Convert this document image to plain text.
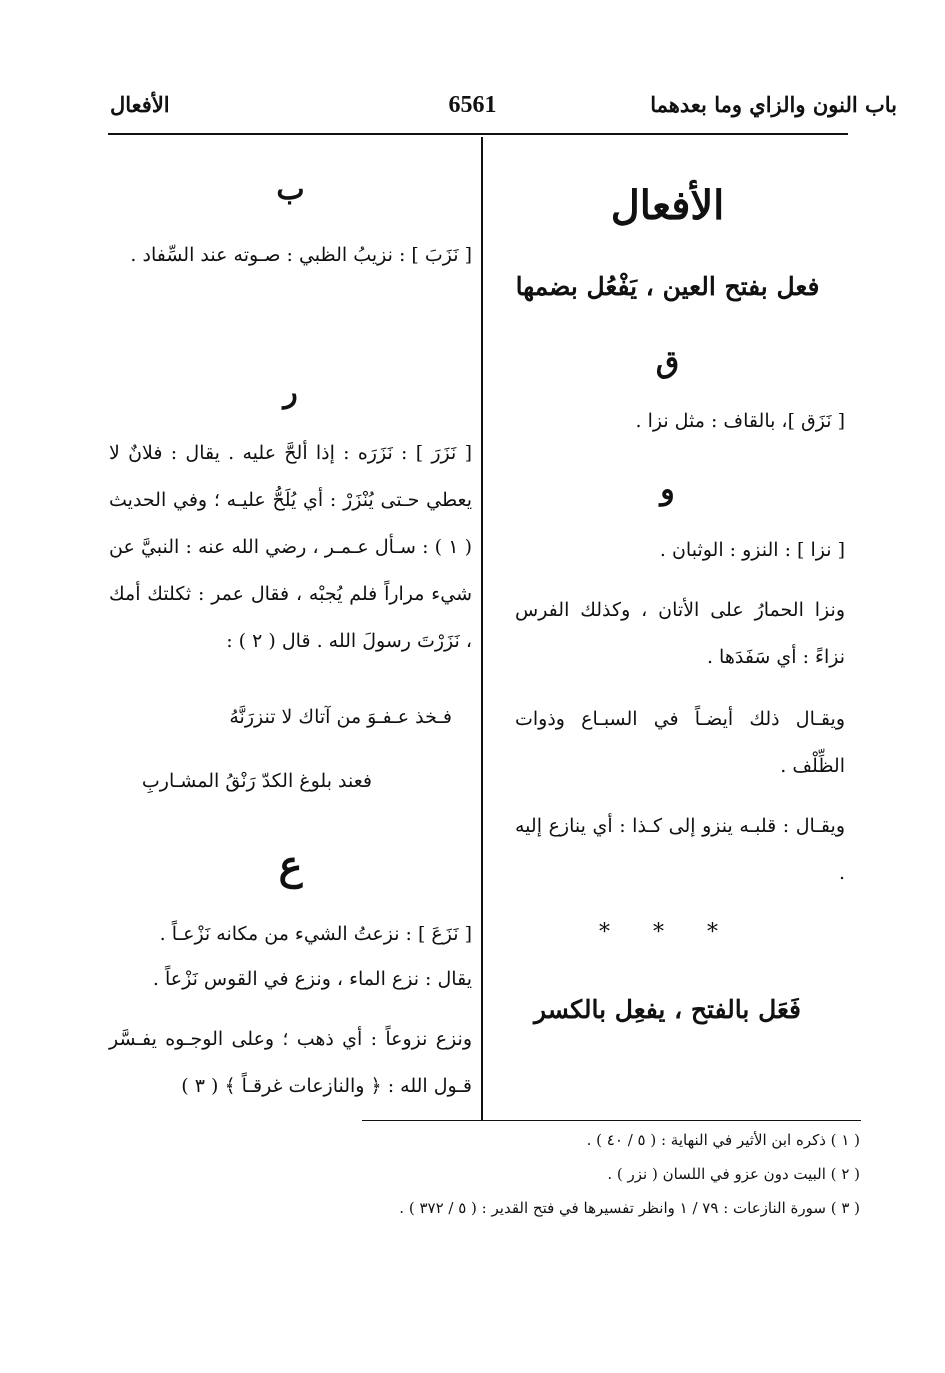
باب النون والزاي وما بعدهما
6561
الأفعال
الأفعال
فعل بفتح العين ، يَفْعُل بضمها
ق
[ نَزَق ]، بالقاف : مثل نزا .
و
[ نزا ] : النزو : الوثبان .
ونزا الحمارُ على الأتان ، وكذلك الفرس نزاءً : أي سَفَدَها .
ويقـال ذلك أيضـاً في السبـاع وذوات الظِّلْف .
ويقـال : قلبـه ينزو إلى كـذا : أي ينازع إليه .
* * *
فَعَل بالفتح ، يفعِل بالكسر
ب
[ نَزَبَ ] : نزيبُ الظبي : صـوته عند السِّفاد .
ر
[ نَزَرَ ] : نَزَرَه : إذا ألحَّ عليه . يقال : فلانٌ لا يعطي حـتى يُنْزَرْ : أي يُلَحُّ عليـه ؛ وفي الحديث ( ١ ) : سـأل عـمـر ، رضي الله عنه : النبيَّ عن شيء مراراً فلم يُجبْه ، فقال عمر : ثكلتك أمك ، نَزَرْتَ رسولَ الله . قال ( ٢ ) :
فـخذ عـفـوَ من آتاك لا تنزرَنَّهُ
فعند بلوغ الكدّ رَنْقُ المشـاربِ
ع
[ نَزَعَ ] : نزعتُ الشيء من مكانه نَزْعـاً .
يقال : نزع الماء ، ونزع في القوس نَزْعاً .
ونزع نزوعاً : أي ذهب ؛ وعلى الوجـوه يفـسَّر قـول الله : ﴿ والنازعات غرقـاً ﴾ ( ٣ )
( ١ ) ذكره ابن الأثير في النهاية : ( ٥ / ٤٠ ) .
( ٢ ) البيت دون عزو في اللسان ( نزر ) .
( ٣ ) سورة النازعات : ٧٩ / ١ وانظر تفسيرها في فتح القدير : ( ٥ / ٣٧٢ ) .
